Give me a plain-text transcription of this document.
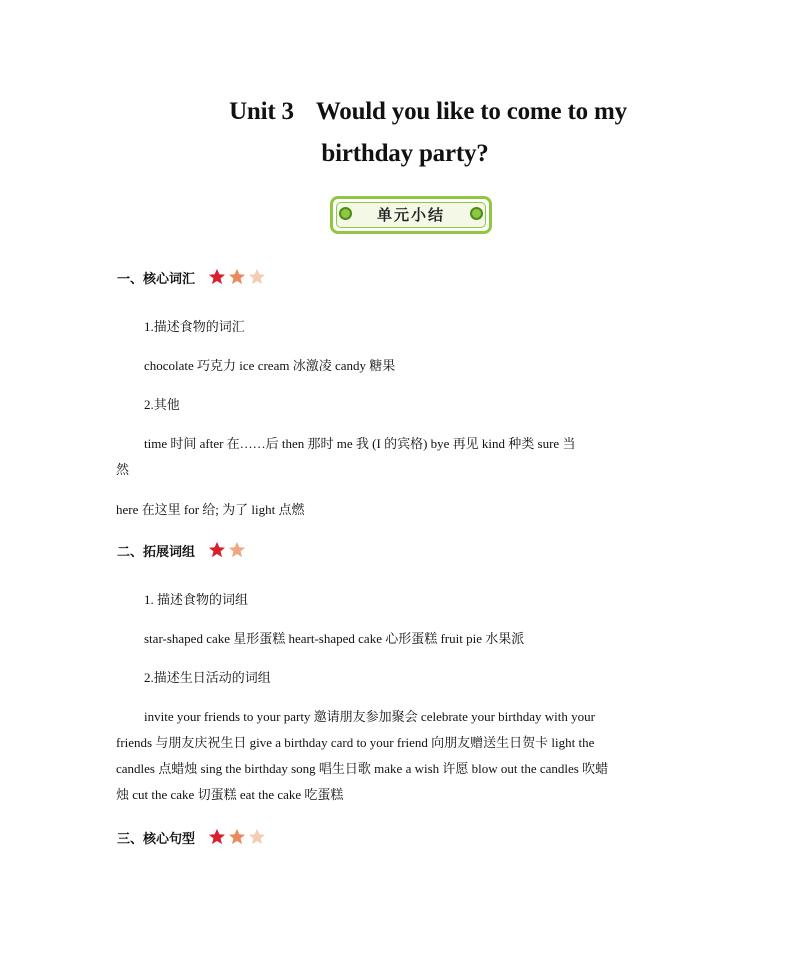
Unit 3 Would you like to come to my
birthday party?
单元小结
一、核心词汇
1.描述食物的词汇
chocolate 巧克力 ice cream 冰激凌 candy 糖果
2.其他
time 时间 after 在……后 then 那时 me 我 (I 的宾格) bye 再见 kind 种类 sure 当
然
here 在这里 for 给; 为了 light 点燃
二、拓展词组
1. 描述食物的词组
star-shaped cake 星形蛋糕 heart-shaped cake 心形蛋糕 fruit pie 水果派
2.描述生日活动的词组
invite your friends to your party 邀请朋友参加聚会 celebrate your birthday with your
friends 与朋友庆祝生日 give a birthday card to your friend 向朋友赠送生日贺卡 light the
candles 点蜡烛 sing the birthday song 唱生日歌 make a wish 许愿 blow out the candles 吹蜡
烛 cut the cake 切蛋糕 eat the cake 吃蛋糕
三、核心句型
